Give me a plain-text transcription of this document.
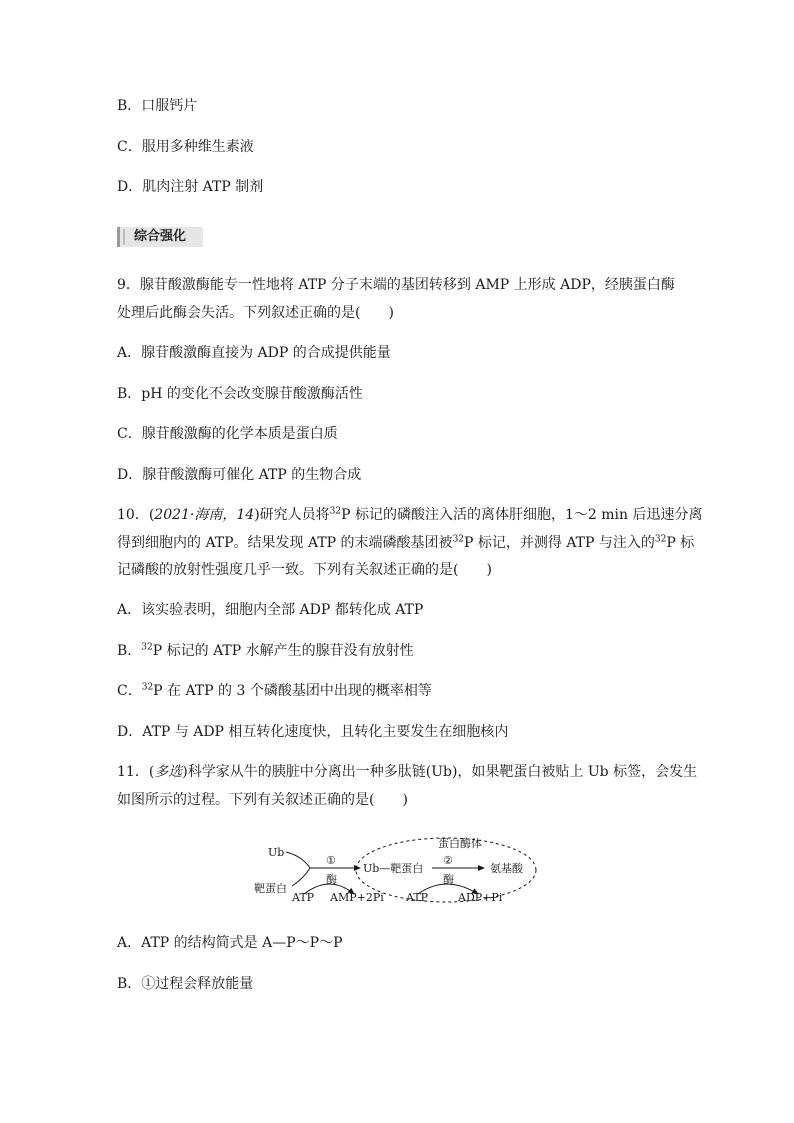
B．口服钙片
C．服用多种维生素液
D．肌肉注射 ATP 制剂
综合强化
9．腺苷酸激酶能专一性地将 ATP 分子末端的基团转移到 AMP 上形成 ADP，经胰蛋白酶
处理后此酶会失活。下列叙述正确的是(　　)
A．腺苷酸激酶直接为 ADP 的合成提供能量
B．pH 的变化不会改变腺苷酸激酶活性
C．腺苷酸激酶的化学本质是蛋白质
D．腺苷酸激酶可催化 ATP 的生物合成
10．(2021·海南，14)研究人员将$^{32}$P 标记的磷酸注入活的离体肝细胞，1～2 min 后迅速分离
得到细胞内的 ATP。结果发现 ATP 的末端磷酸基团被$^{32}$P 标记，并测得 ATP 与注入的$^{32}$P 标
记磷酸的放射性强度几乎一致。下列有关叙述正确的是(　　)
A．该实验表明，细胞内全部 ADP 都转化成 ATP
B．$^{32}$P 标记的 ATP 水解产生的腺苷没有放射性
C．$^{32}$P 在 ATP 的 3 个磷酸基团中出现的概率相等
D．ATP 与 ADP 相互转化速度快，且转化主要发生在细胞核内
11．(多选)科学家从牛的胰脏中分离出一种多肽链(Ub)，如果靶蛋白被贴上 Ub 标签，会发生
如图所示的过程。下列有关叙述正确的是(　　)
Ub
靶蛋白
①
酶
ATP AMP+2Pi
蛋白酶体
Ub—靶蛋白
②
酶
氨基酸
ATP	ADP+Pi
A．ATP 的结构简式是 A—P～P～P
B．①过程会释放能量
